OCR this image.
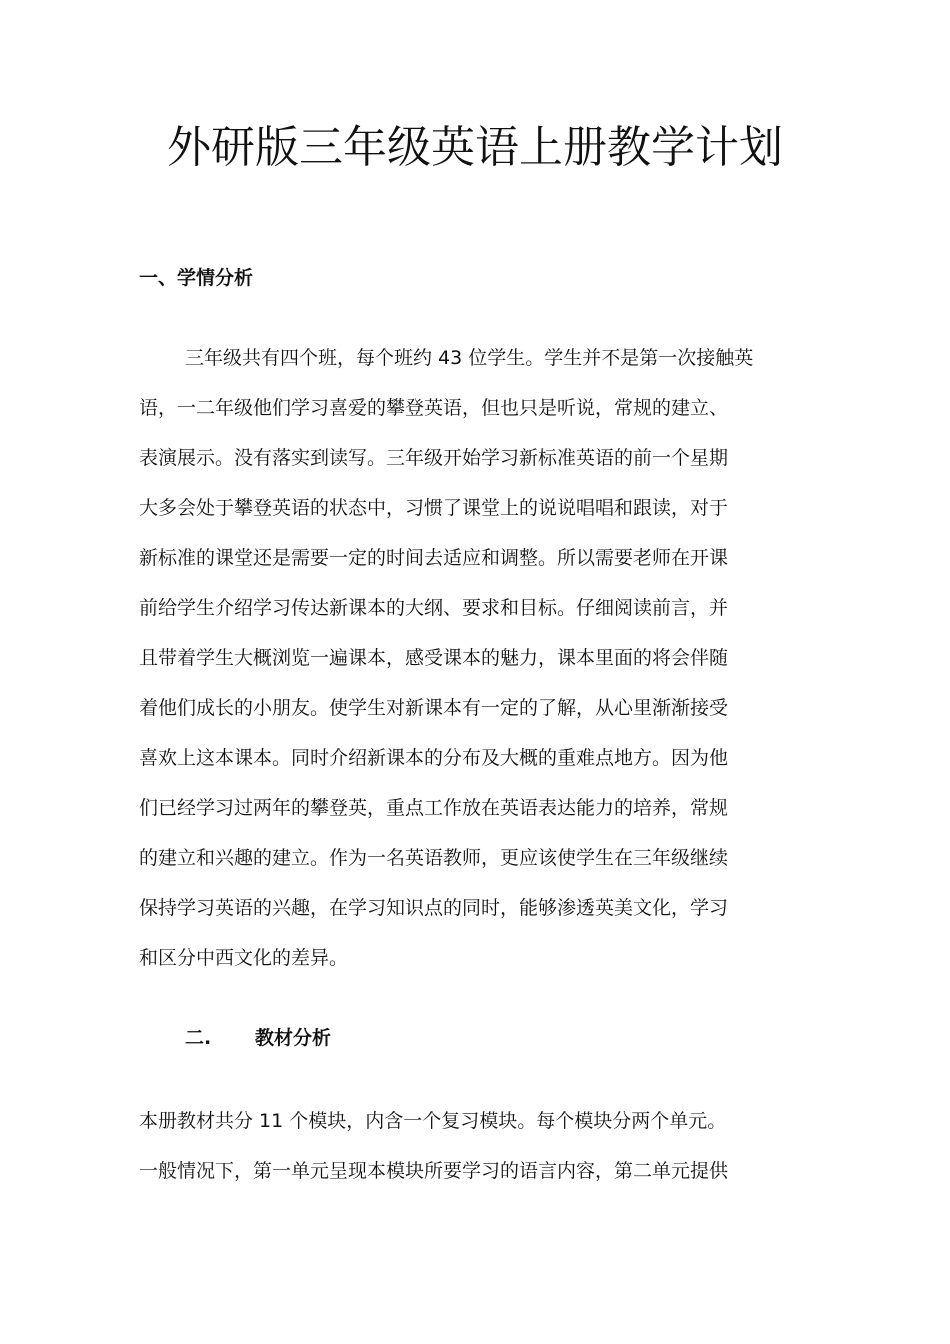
外研版三年级英语上册教学计划
一、学情分析
三年级共有四个班，每个班约 43 位学生。学生并不是第一次接触英
语，一二年级他们学习喜爱的攀登英语，但也只是听说，常规的建立、
表演展示。没有落实到读写。三年级开始学习新标准英语的前一个星期
大多会处于攀登英语的状态中，习惯了课堂上的说说唱唱和跟读，对于
新标准的课堂还是需要一定的时间去适应和调整。所以需要老师在开课
前给学生介绍学习传达新课本的大纲、要求和目标。仔细阅读前言，并
且带着学生大概浏览一遍课本，感受课本的魅力，课本里面的将会伴随
着他们成长的小朋友。使学生对新课本有一定的了解，从心里渐渐接受
喜欢上这本课本。同时介绍新课本的分布及大概的重难点地方。因为他
们已经学习过两年的攀登英，重点工作放在英语表达能力的培养，常规
的建立和兴趣的建立。作为一名英语教师，更应该使学生在三年级继续
保持学习英语的兴趣，在学习知识点的同时，能够渗透英美文化，学习
和区分中西文化的差异。
二. 教材分析
本册教材共分 11 个模块，内含一个复习模块。每个模块分两个单元。
一般情况下，第一单元呈现本模块所要学习的语言内容，第二单元提供
